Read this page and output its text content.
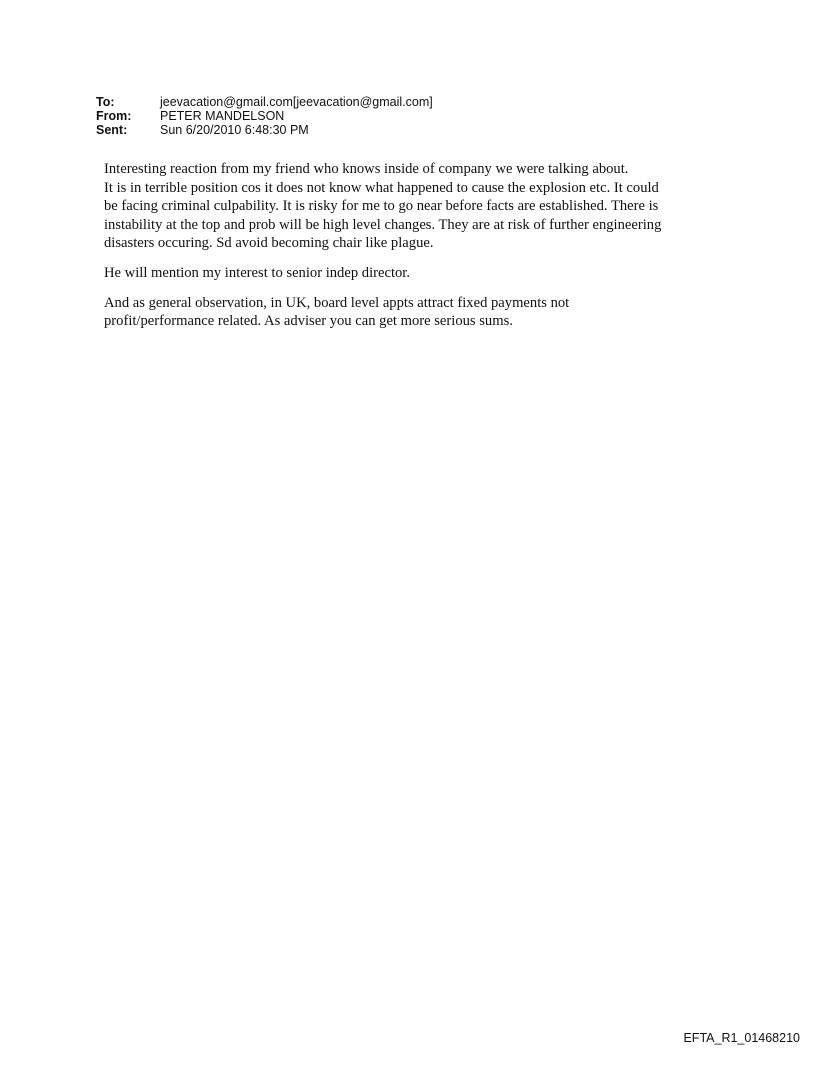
To:	jeevacation@gmail.com[jeevacation@gmail.com]
From:	PETER MANDELSON
Sent:	Sun 6/20/2010 6:48:30 PM

Interesting reaction from my friend who knows inside of company we were talking about.
It is in terrible position cos it does not know what happened to cause the explosion etc. It could
be facing criminal culpability. It is risky for me to go near before facts are established. There is
instability at the top and prob will be high level changes. They are at risk of further engineering
disasters occuring. Sd avoid becoming chair like plague.

He will mention my interest to senior indep director.

And as general observation, in UK, board level appts attract fixed payments not
profit/performance related. As adviser you can get more serious sums.

EFTA_R1_01468210
